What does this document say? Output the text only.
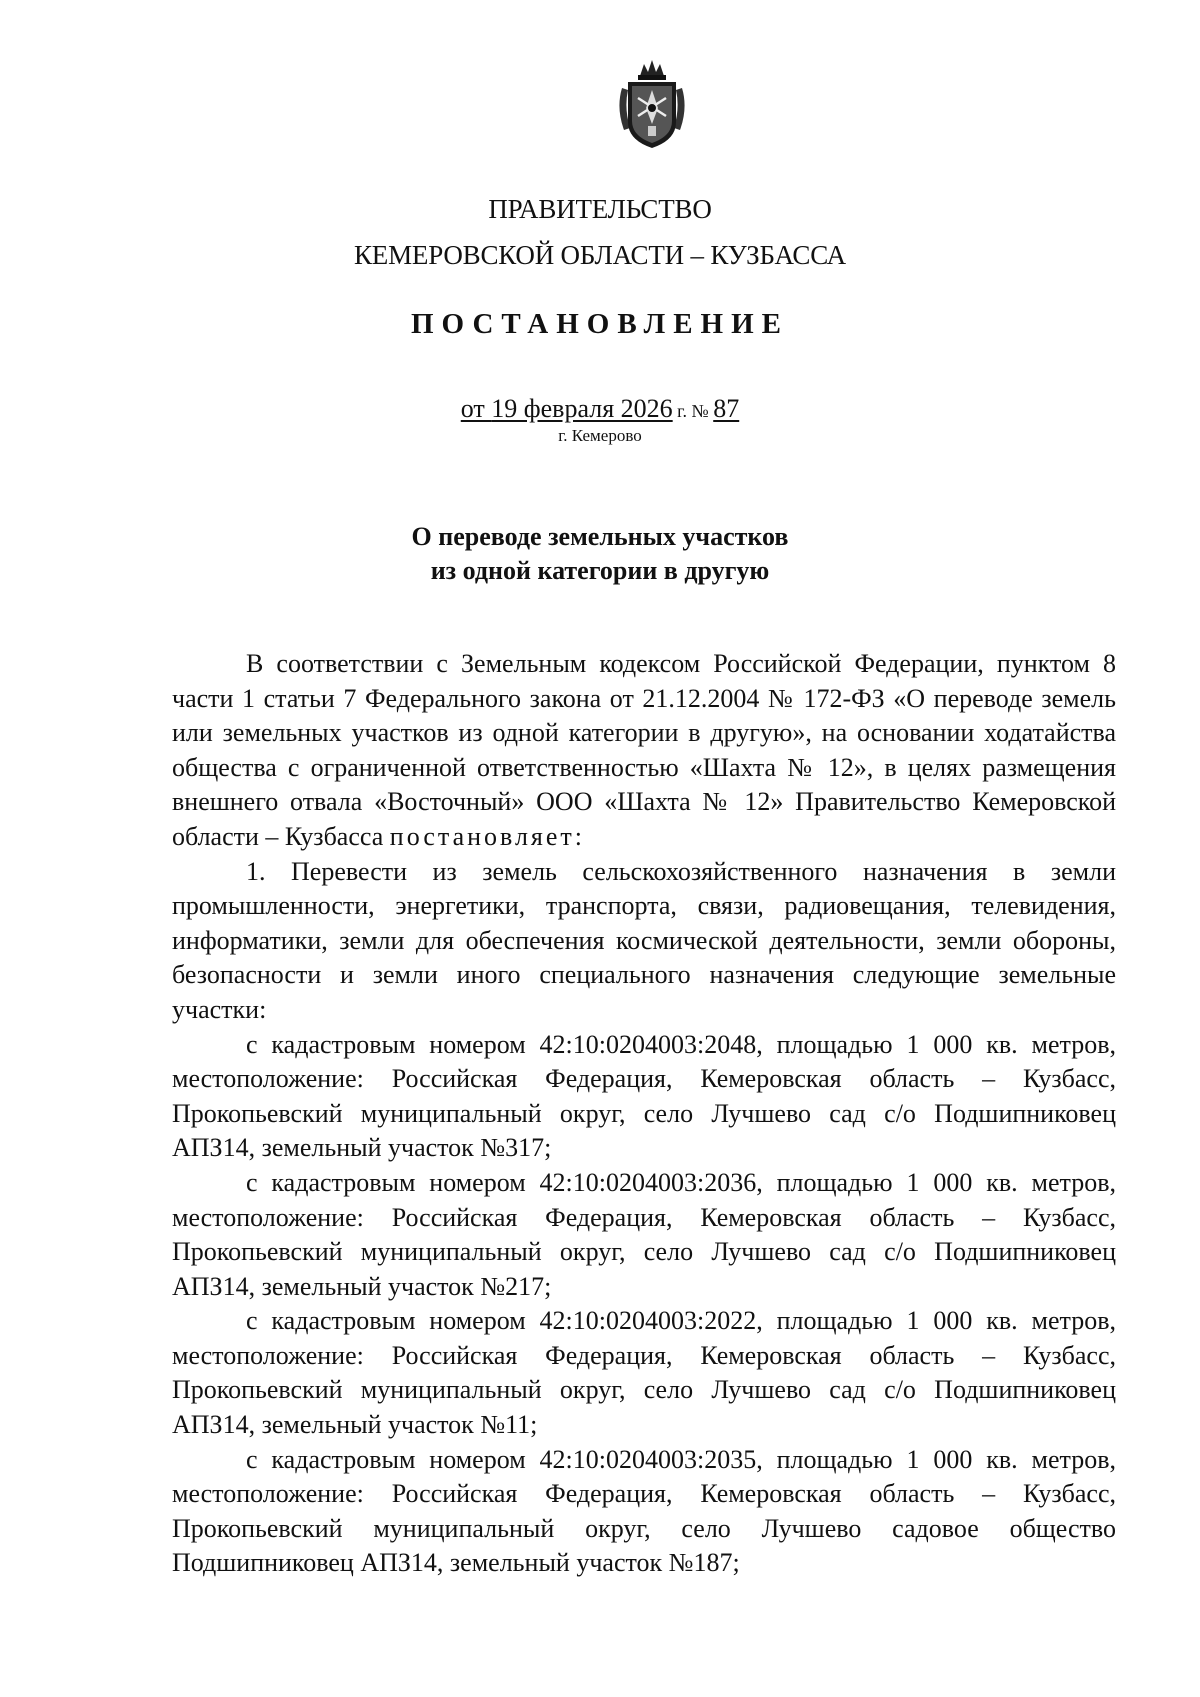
ПРАВИТЕЛЬСТВО
КЕМЕРОВСКОЙ ОБЛАСТИ – КУЗБАССА
ПОСТАНОВЛЕНИЕ
от 19 февраля 2026 г. № 87
г. Кемерово
О переводе земельных участков
из одной категории в другую

В соответствии с Земельным кодексом Российской Федерации, пунктом 8 части 1 статьи 7 Федерального закона от 21.12.2004 № 172-ФЗ «О переводе земель или земельных участков из одной категории в другую», на основании ходатайства общества с ограниченной ответственностью «Шахта № 12», в целях размещения внешнего отвала «Восточный» ООО «Шахта № 12» Правительство Кемеровской области – Кузбасса постановляет:

1. Перевести из земель сельскохозяйственного назначения в земли промышленности, энергетики, транспорта, связи, радиовещания, телевидения, информатики, земли для обеспечения космической деятельности, земли обороны, безопасности и земли иного специального назначения следующие земельные участки:

с кадастровым номером 42:10:0204003:2048, площадью 1 000 кв. метров, местоположение: Российская Федерация, Кемеровская область – Кузбасс, Прокопьевский муниципальный округ, село Лучшево сад с/о Подшипниковец АПЗ14, земельный участок №317;

с кадастровым номером 42:10:0204003:2036, площадью 1 000 кв. метров, местоположение: Российская Федерация, Кемеровская область – Кузбасс, Прокопьевский муниципальный округ, село Лучшево сад с/о Подшипниковец АПЗ14, земельный участок №217;

с кадастровым номером 42:10:0204003:2022, площадью 1 000 кв. метров, местоположение: Российская Федерация, Кемеровская область – Кузбасс, Прокопьевский муниципальный округ, село Лучшево сад с/о Подшипниковец АПЗ14, земельный участок №11;

с кадастровым номером 42:10:0204003:2035, площадью 1 000 кв. метров, местоположение: Российская Федерация, Кемеровская область – Кузбасс, Прокопьевский муниципальный округ, село Лучшево садовое общество Подшипниковец АПЗ14, земельный участок №187;
